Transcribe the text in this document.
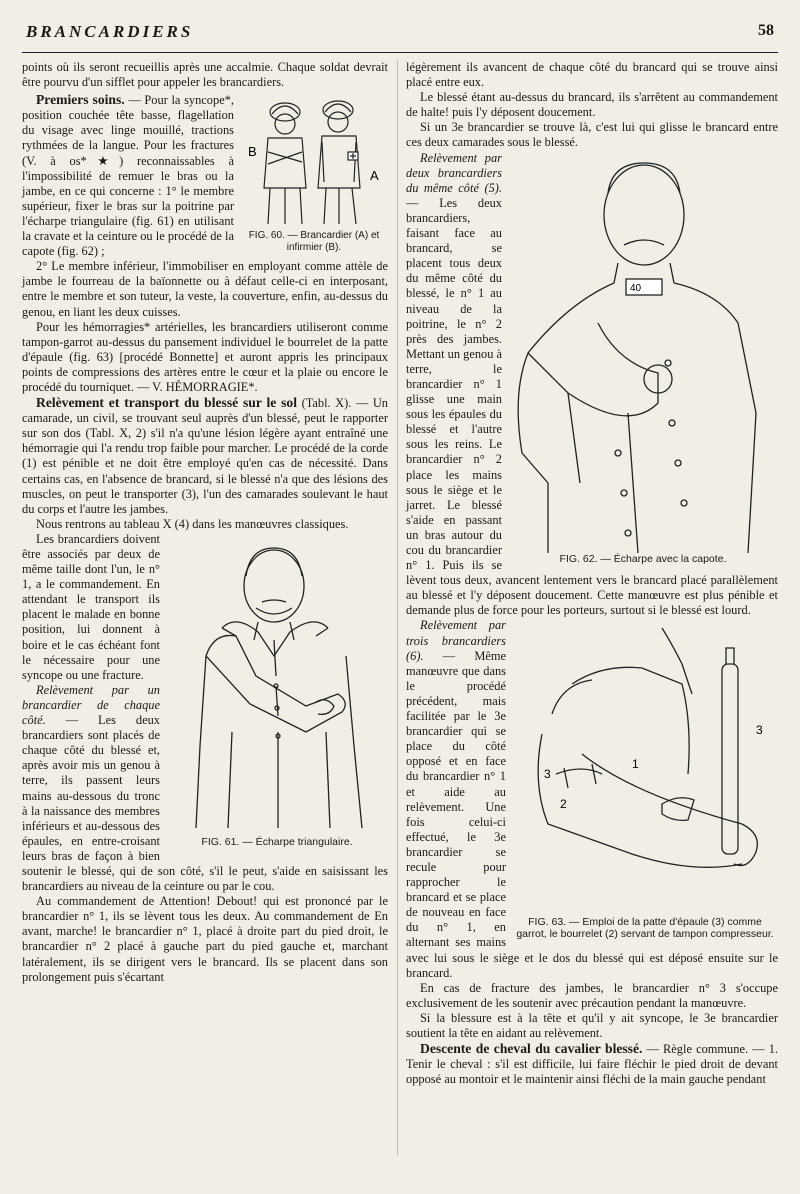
BRANCARDIERS	58

points où ils seront recueillis après une accalmie. Chaque soldat devrait être pourvu d'un sifflet pour appeler les brancardiers.

B
A
FIG. 60. — Brancardier (A) et infirmier (B).

Premiers soins. — Pour la syncope*, position couchée tête basse, flagellation du visage avec linge mouillé, tractions rythmées de la langue. Pour les fractures (V. à os*★) reconnaissables à l'impossibilité de remuer le bras ou la jambe, en ce qui concerne : 1° le membre supérieur, fixer le bras sur la poitrine par l'écharpe triangulaire (fig. 61) en utilisant la cravate et la ceinture ou le procédé de la capote (fig. 62) ;

2° Le membre inférieur, l'immobiliser en employant comme attèle de jambe le fourreau de la baïonnette ou à défaut celle-ci en interposant, entre le membre et son tuteur, la veste, la couverture, enfin, au-dessus du genou, en liant les deux cuisses.

Pour les hémorragies* artérielles, les brancardiers utiliseront comme tampon-garrot au-dessus du pansement individuel le bourrelet de la patte d'épaule (fig. 63) [procédé Bonnette] et auront appris les principaux points de compressions des artères entre le cœur et la plaie ou encore le procédé du tourniquet. — V. HÉMORRAGIE*.

Relèvement et transport du blessé sur le sol (Tabl. X). — Un camarade, un civil, se trouvant seul auprès d'un blessé, peut le rapporter sur son dos (Tabl. X, 2) s'il n'a qu'une lésion légère ayant entraîné une hémorragie qui l'a rendu trop faible pour marcher. Le procédé de la corde (1) est pénible et ne doit être employé qu'en cas de nécessité. Dans certains cas, en l'absence de brancard, si le blessé n'a que des lésions des muscles, on peut le transporter (3), l'un des camarades soulevant le haut du corps et l'autre les jambes.

Nous rentrons au tableau X (4) dans les manœuvres classiques.

FIG. 61. — Écharpe triangulaire.

Les brancardiers doivent être associés par deux de même taille dont l'un, le n° 1, a le commandement. En attendant le transport ils placent le malade en bonne position, lui donnent à boire et le cas échéant font le nécessaire pour une syncope ou une fracture.

Relèvement par un brancardier de chaque côté. — Les deux brancardiers sont placés de chaque côté du blessé et, après avoir mis un genou à terre, ils passent leurs mains au-dessous du tronc à la naissance des membres inférieurs et au-dessous des épaules, en entre-croisant leurs bras de façon à bien soutenir le blessé, qui de son côté, s'il le peut, s'aide en saisissant les brancardiers au niveau de la ceinture ou par le cou.

Au commandement de Attention! Debout! qui est prononcé par le brancardier n° 1, ils se lèvent tous les deux. Au commandement de En avant, marche! le brancardier n° 1, placé à droite part du pied droit, le brancardier n° 2 placé à gauche part du pied gauche et, marchant latéralement, ils se dirigent vers le brancard. Ils se placent dans son prolongement puis s'écartant

légèrement ils avancent de chaque côté du brancard qui se trouve ainsi placé entre eux.

Le blessé étant au-dessus du brancard, ils s'arrêtent au commandement de halte! puis l'y déposent doucement.

Si un 3e brancardier se trouve là, c'est lui qui glisse le brancard entre ces deux camarades sous le blessé.

40
FIG. 62. — Écharpe avec la capote.

Relèvement par deux brancardiers du même côté (5). — Les deux brancardiers, faisant face au brancard, se placent tous deux du même côté du blessé, le n° 1 au niveau de la poitrine, le n° 2 près des jambes. Mettant un genou à terre, le brancardier n° 1 glisse une main sous les épaules du blessé et l'autre sous les reins. Le brancardier n° 2 place les mains sous le siège et le jarret. Le blessé s'aide en passant un bras autour du cou du brancardier n° 1. Puis ils se lèvent tous deux, avancent lentement vers le brancard placé parallèlement au blessé et l'y déposent doucement. Cette manœuvre est plus pénible et demande plus de force pour les porteurs, surtout si le blessé est lourd.

3
2
1
3
FIG. 63. — Emploi de la patte d'épaule (3) comme garrot, le bourrelet (2) servant de tampon compresseur.

Relèvement par trois brancardiers (6). — Même manœuvre que dans le procédé précédent, mais facilitée par le 3e brancardier qui se place du côté opposé et en face du brancardier n° 1 et aide au relèvement. Une fois celui-ci effectué, le 3e brancardier se recule pour rapprocher le brancard et se place de nouveau en face du n° 1, en alternant ses mains avec lui sous le siège et le dos du blessé qui est déposé ensuite sur le brancard.

En cas de fracture des jambes, le brancardier n° 3 s'occupe exclusivement de les soutenir avec précaution pendant la manœuvre.

Si la blessure est à la tête et qu'il y ait syncope, le 3e brancardier soutient la tête en aidant au relèvement.

Descente de cheval du cavalier blessé. — Règle commune. — 1. Tenir le cheval : s'il est difficile, lui faire fléchir le pied droit de devant opposé au montoir et le maintenir ainsi fléchi de la main gauche pendant
